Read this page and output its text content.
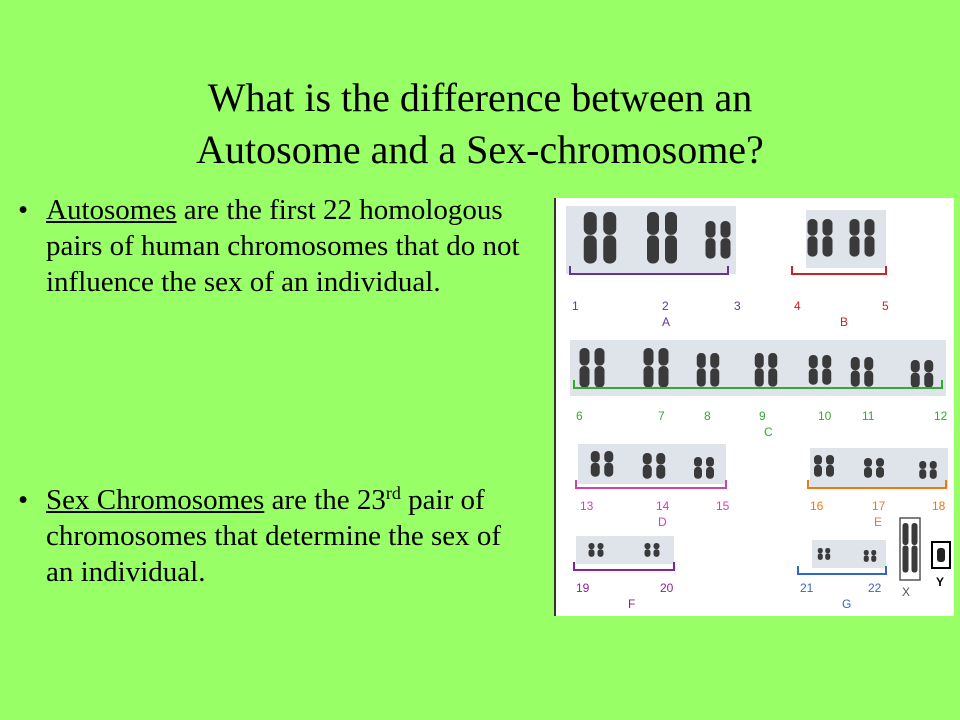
What is the difference between an
Autosome and a Sex-chromosome?
• Autosomes are the first 22 homologous pairs of human chromosomes that do not influence the sex of an individual.
• Sex Chromosomes are the 23rd pair of chromosomes that determine the sex of an individual.
1	2	3
A
4	5
B
6	7	8	9	10	11	12
C
13	14	15
D
16	17	18
E
19	20
F
21	22
G
X
Y
